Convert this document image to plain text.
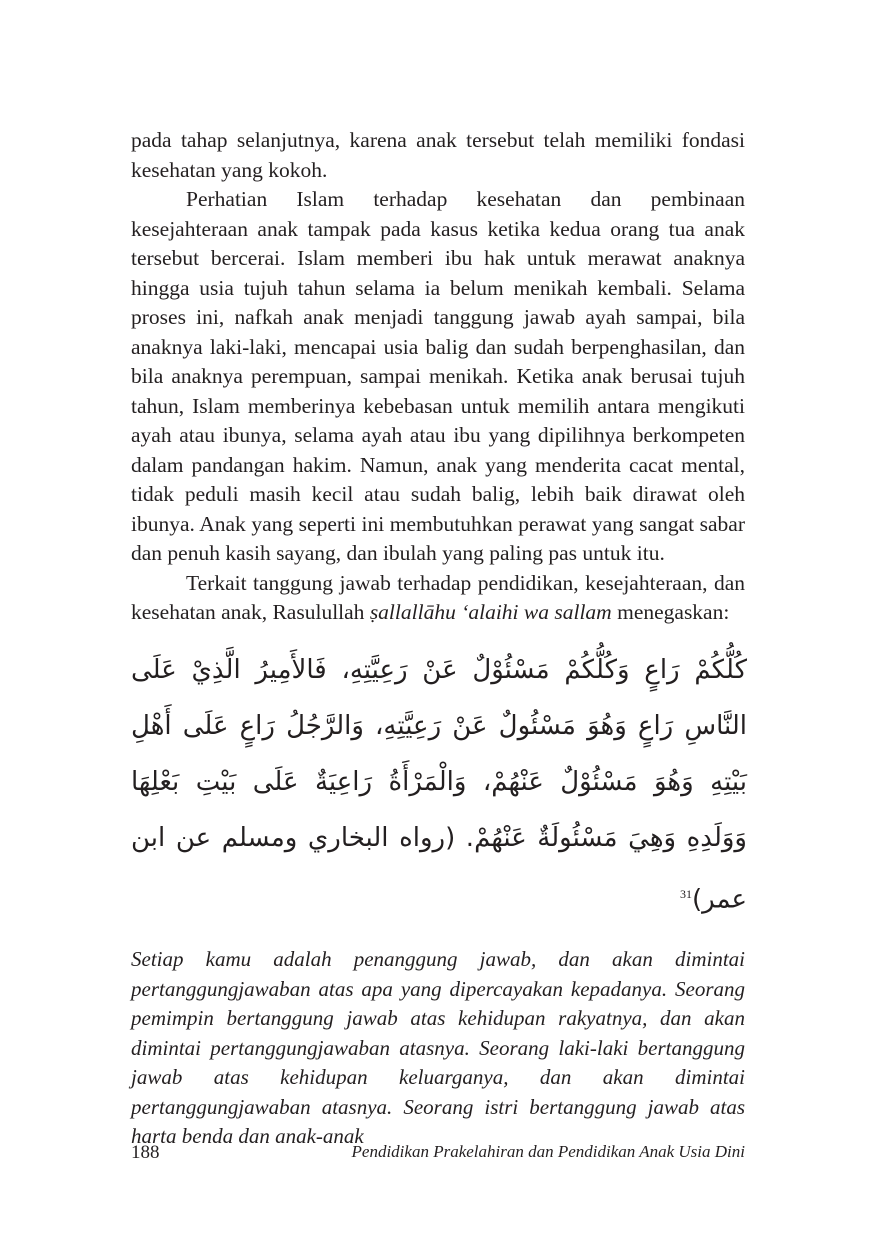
pada tahap selanjutnya, karena anak tersebut telah memiliki fondasi kesehatan yang kokoh.

Perhatian Islam terhadap kesehatan dan pembinaan kesejahteraan anak tampak pada kasus ketika kedua orang tua anak tersebut bercerai. Islam memberi ibu hak untuk merawat anaknya hingga usia tujuh tahun selama ia belum menikah kembali. Selama proses ini, nafkah anak menjadi tanggung jawab ayah sampai, bila anaknya laki-laki, mencapai usia balig dan sudah berpenghasilan, dan bila anaknya perempuan, sampai menikah. Ketika anak berusai tujuh tahun, Islam memberinya kebebasan untuk memilih antara mengikuti ayah atau ibunya, selama ayah atau ibu yang dipilihnya berkompeten dalam pandangan hakim. Namun, anak yang menderita cacat mental, tidak peduli masih kecil atau sudah balig, lebih baik dirawat oleh ibunya. Anak yang seperti ini membutuhkan perawat yang sangat sabar dan penuh kasih sayang, dan ibulah yang paling pas untuk itu.

Terkait tanggung jawab terhadap pendidikan, kesejahteraan, dan kesehatan anak, Rasulullah ṣallallāhu ‘alaihi wa sallam menegaskan:

كُلُّكُمْ رَاعٍ وَكُلُّكُمْ مَسْئُوْلٌ عَنْ رَعِيَّتِهِ، فَالأَمِيرُ الَّذِيْ عَلَى النَّاسِ رَاعٍ وَهُوَ مَسْئُولٌ عَنْ رَعِيَّتِهِ، وَالرَّجُلُ رَاعٍ عَلَى أَهْلِ بَيْتِهِ وَهُوَ مَسْئُوْلٌ عَنْهُمْ، وَالْمَرْأَةُ رَاعِيَةٌ عَلَى بَيْتِ بَعْلِهَا وَوَلَدِهِ وَهِيَ مَسْئُولَةٌ عَنْهُمْ. (رواه البخاري ومسلم عن ابن عمر)$^{31}$

Setiap kamu adalah penanggung jawab, dan akan dimintai pertanggungjawaban atas apa yang dipercayakan kepadanya. Seorang pemimpin bertanggung jawab atas kehidupan rakyatnya, dan akan dimintai pertanggungjawaban atasnya. Seorang laki-laki bertanggung jawab atas kehidupan keluarganya, dan akan dimintai pertanggungjawaban atasnya. Seorang istri bertanggung jawab atas harta benda dan anak-anak

188	Pendidikan Prakelahiran dan Pendidikan Anak Usia Dini
